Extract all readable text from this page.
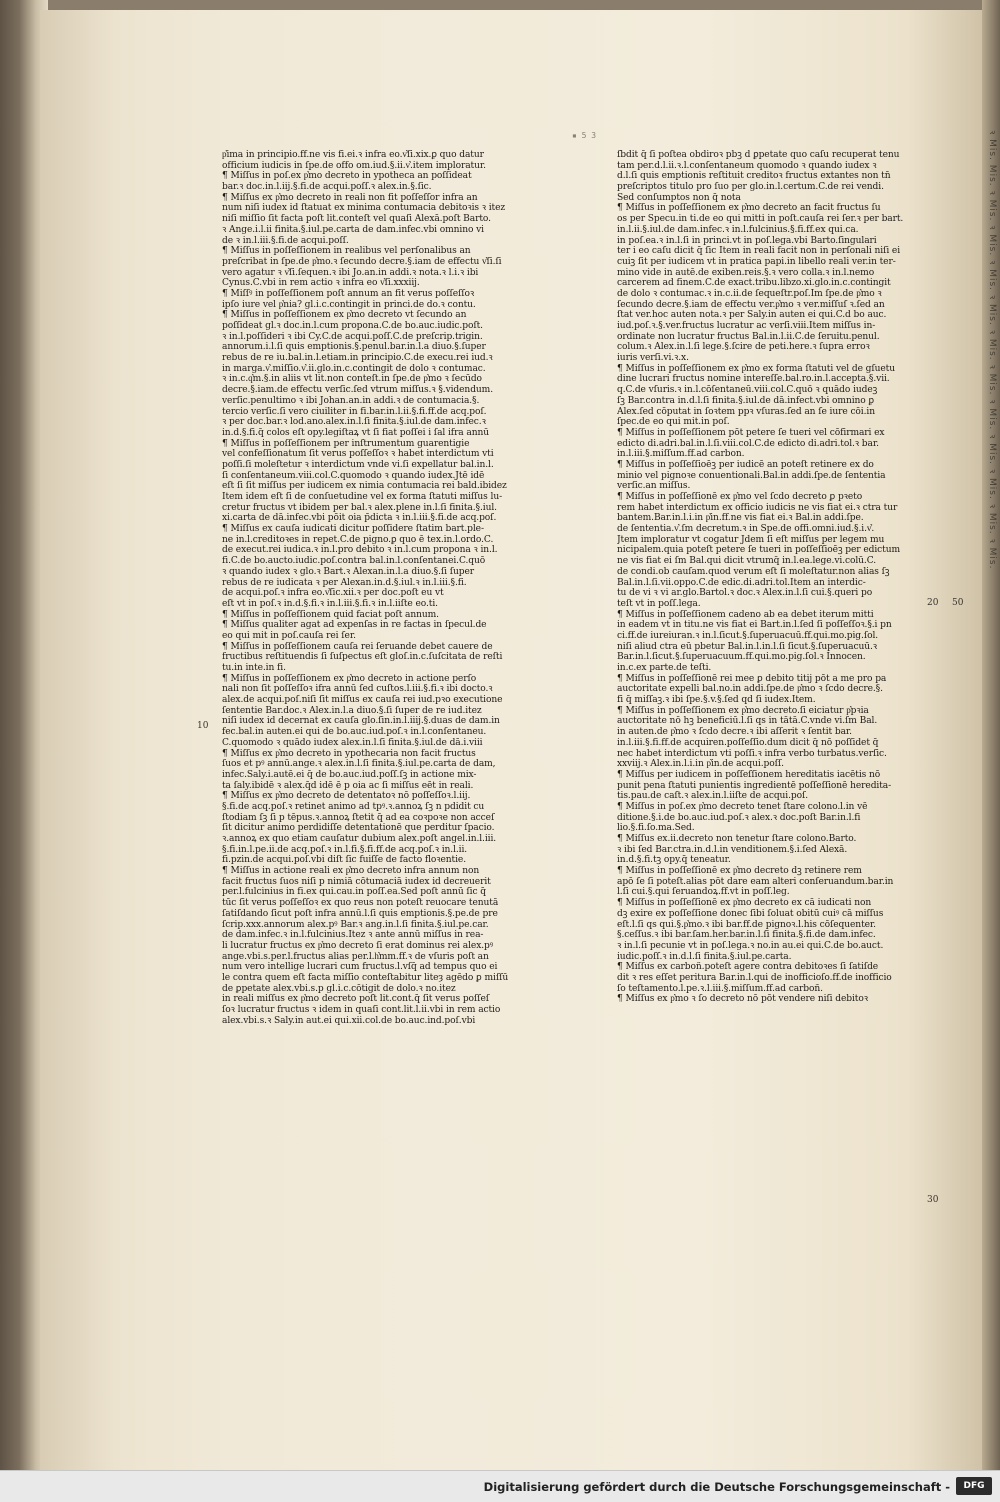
ꝛ Mis. Mis. ꝛ Mis. ꝛ Mis. ꝛ Mis. ꝛ Mis. ꝛ Mis. ꝛ Mis. ꝛ Mis. ꝛ Mis. ꝛ Mis. ꝛ Mis. ꝛ Mis.
▪ 5 3
p͛ima in principio.ff.ne vis fi.ei.ꝛ infra eo.v͛ſi.xix.ꝑ quo datur
officium iudicis in ſpe.de offo om.iud.§.ii.v͛.item imploratur.
¶ Miſſus in poſ.ex p͛mo decreto in ypotheca an poſſideat
bar.ꝛ doc.in.l.iij.§.fi.de acqui.poſſ.ꝛ alex.in.§.ſic.
¶ Miſſus ex p͛mo decreto in reali non fit poſſeſſor infra an
num niſi iudex id ſtatuat ex minima contumacia debitoꝛis ꝛ itez
niſi miſſio ſit facta poſt lit.conteſt vel quaſi Alexā.poſt Barto.
ꝛ Ange.i.l.ii finita.§.iul.pe.carta de dam.infec.vbi omnino vi
de ꝛ in.l.iii.§.fi.de acqui.poſſ.
¶ Miſſus in poſſeſſionem in realibus vel perſonalibus an
preſcribat in ſpe.de p͛mo.ꝛ ſecundo decre.§.iam de effectu v͛ſi.ſi
vero agatur ꝛ v͛ſi.ſequen.ꝛ ibi Jo.an.in addi.ꝛ nota.ꝛ l.i.ꝛ ibi
Cynus.C.vbi in rem actio ꝛ infra eo v͛ſi.xxxiij.
¶ Miſſꝰ in poſſeſſionem poſt annum an fit verus poſſeſſoꝛ
ipſo iure vel p͛nia? gl.i.c.contingit in princi.de do.ꝛ contu.
¶ Miſſus in poſſeſſionem ex p͛mo decreto vt ſecundo an
poſſideat gl.ꝛ doc.in.l.cum propona.C.de bo.auc.iudic.poſt.
ꝛ in.l.poſſideri ꝛ ibi Cy.C.de acqui.poſſ.C.de preſcrip.trigin.
annorum.i.l.ſi quis emptionis.§.penul.bar.in.l.a diuo.§.ſuper
rebus de re iu.bal.in.l.etiam.in principio.C.de execu.rei iud.ꝛ
in marga.v͛.miſſio.v͛.ii.glo.in.c.contingit de dolo ꝛ contumac.
ꝛ in.c.q͛m.§.in aliis vt lit.non conteſt.in ſpe.de p͛mo ꝛ ſecūdo
decre.§.iam.de effectu verſic.ſed vtrum miſſus.ꝛ §.videndum.
verſic.penultimo ꝛ ibi Johan.an.in addi.ꝛ de contumacia.§.
tercio verſic.ſi vero ciuiliter in fi.bar.in.l.ii.§.fi.ff.de acq.poſ.
ꝛ per doc.bar.ꝛ lod.ano.alex.in.l.ſi finita.§.iul.de dam.infec.ꝛ
in.d.§.fi.q̄ colos eſt opy.legiſtaꝝ vt ſi fiat poſſei i ſal ifra annū
¶ Miſſus in poſſeſſionem per inſtrumentum guarentigie
vel confeſſionatum ſit verus poſſeſſoꝛ ꝛ habet interdictum vti
poſſi.ſi moleſtetur ꝛ interdictum vnde vi.ſi expellatur bal.in.l.
ſi conſentaneum.viii.col.C.quomodo ꝛ quando iudex.Jtē idē
eſt ſi ſit miſſus per iudicem ex nimia contumacia rei bald.ibidez
Item idem eſt ſi de conſuetudine vel ex forma ſtatuti miſſus lu-
cretur fructus vt ibidem per bal.ꝛ alex.plene in.l.ſi finita.§.iul.
xi.carta de dā.infec.vbi pōit oia p̄dicta ꝛ in.l.iii.§.fi.de acq.poſ.
¶ Miſſus ex cauſa iudicati dicitur poſſidere ſtatim bart.ple-
ne in.l.creditoꝛes in repet.C.de pigno.ꝑ quo ē tex.in.l.ordo.C.
de execut.rei iudica.ꝛ in.l.pro debito ꝛ in.l.cum propona ꝛ in.l.
fi.C.de bo.aucto.iudic.poſ.contra bal.in.l.conſentanei.C.quō
ꝛ quando iudex ꝛ glo.ꝛ Bart.ꝛ Alexan.in.l.a diuo.§.ſi ſuper
rebus de re iudicata ꝛ per Alexan.in.d.§.iul.ꝛ in.l.iii.§.fi.
de acqui.poſ.ꝛ infra eo.v͛ſic.xii.ꝛ per doc.poſt eu vt
eſt vt in poſ.ꝛ in.d.§.fi.ꝛ in.l.iii.§.fi.ꝛ in.l.iiſte eo.ti.
¶ Miſſus in poſſeſſionem quid faciat poſt annum.
¶ Miſſus qualiter agat ad expenſas in re factas in ſpecul.de
eo qui mit in poſ.cauſa rei ſer.
¶ Miſſus in poſſeſſionem cauſa rei ſeruande debet cauere de
fructibus reſtituendis ſi ſuſpectus eſt gloſ.in.c.ſuſcitata de reſti
tu.in inte.in fi.
¶ Miſſus in poſſeſſionem ex p͛mo decreto in actione perſo
nali non ſit poſſeſſoꝛ ifra annū ſed cuſtos.l.iii.§.fi.ꝛ ibi docto.ꝛ
alex.de acqui.poſ.niſi ſit miſſus ex cauſa rei iud.pꝛo executione
ſententie Bar.doc.ꝛ Alex.in.l.a diuo.§.ſi ſuper de re iud.itez
niſi iudex id decernat ex cauſa glo.ſin.in.l.iiij.§.duas de dam.in
fec.bal.in auten.ei qui de bo.auc.iud.poſ.ꝛ in.l.conſentaneu.
C.quomodo ꝛ quādo iudex alex.in.l.ſi finita.§.iul.de dā.i.viii
¶ Miſſus ex p͛mo decreto in ypothecaria non facit fructus
ſuos et pꝰ annū.ange.ꝛ alex.in.l.ſi finita.§.iul.pe.carta de dam,
infec.Saly.i.autē.ei q̄ de bo.auc.iud.poſſ.ſꝫ in actione mix-
ta ſaly.ibidē ꝛ alex.q̄d idē ē p oia ac ſi miſſus eēt in reali.
¶ Miſſus ex p͛mo decreto de detentatoꝛ nō poſſeſſoꝛ.l.iij.
§.fi.de acq.poſ.ꝛ retinet animo ad tpꝰ.ꝛ.annoꝝ ſꝫ n pdidit cu
ſtodiam ſꝫ ſi p tēpus.ꝛ.annoꝝ ſtetit q̄ ad ea coꝛpoꝛe non acceſ
ſit dicitur animo perdidiſſe detentationē que perditur ſpacio.
ꝛ.annoꝝ ex quo etiam cauſatur dubium alex.poſt angel.in.l.iii.
§.fi.in.l.pe.ii.de acq.poſ.ꝛ in.l.fi.§.fi.ff.de acq.poſ.ꝛ in.l.ii.
fi.pzin.de acqui.poſ.vbi diſt ſic fuiſſe de facto floꝛentie.
¶ Miſſus in actione reali ex p͛mo decreto infra annum non
facit fructus ſuos niſi p nimiā cōtumaciā iudex id decreuerit
per.l.fulcinius in fi.ex qui.cau.in poſſ.ea.Sed poſt annū ſic q̄
tūc ſit verus poſſeſſoꝛ ex quo reus non poteſt reuocare tenutā
ſatiſdando ſicut poſt infra annū.l.ſi quis emptionis.§.pe.de pre
ſcrip.xxx.annorum alex.pꝰ Bar.ꝛ ang.in.l.ſi finita.§.iul.pe.car.
de dam.infec.ꝛ in.l.fulcinius.Itez ꝛ ante annū miſſus in rea-
li lucratur fructus ex p͛mo decreto ſi erat dominus rei alex.pꝰ
ange.vbi.s.per.l.fructus alias per.l.h͛mm.ff.ꝛ de vſuris poſt an
num vero intellige lucrari cum fructus.l.vſq̄ ad tempus quo ei
le contra quem eſt facta miſſio conteſtabitur liteȝ agēdo ꝑ miſſū
de ꝑpetate alex.vbi.s.p gl.i.c.cōtigit de dolo.ꝛ no.itez
in reali miſſus ex p͛mo decreto poſt lit.cont.q̄ ſit verus poſſeſ
ſoꝛ lucratur fructus ꝛ idem in quaſi cont.lit.l.ii.vbi in rem actio
alex.vbi.s.ꝛ Saly.in aut.ei qui.xii.col.de bo.auc.ind.poſ.vbi
ſbdit q̄ ſi poſtea obdiroꝛ pbꝫ d̄ ꝑpetate quo caſu recuperat tenu
tam per.d.l.ii.ꝛ.l.conſentaneum quomodo ꝛ quando iudex ꝛ
d.l.ſi quis emptionis reſtituit creditoꝛ fructus extantes non tn̄
preſcriptos titulo pro ſuo per glo.in.l.certum.C.de rei vendi.
Sed conſumptos non q̄ nota
¶ Miſſus in poſſeſſionem ex p͛mo decreto an facit fructus ſu
os per Specu.in ti.de eo qui mitti in poſt.cauſa rei ſer.ꝛ per bart.
in.l.ii.§.iul.de dam.infec.ꝛ in.l.fulcinius.§.fi.ff.ex qui.ca.
in poſ.ea.ꝛ in.l.ſi in princi.vt in poſ.lega.vbi Barto.ſingulari
ter i eo caſu dicit q̄ ſic Item in reali facit non in perſonali niſi ei
cuiꝫ ſit per iudicem vt in pratica papi.in libello reali ver.in ter-
mino vide in autē.de exiben.reis.§.ꝛ vero colla.ꝛ in.l.nemo
carcerem ad finem.C.de exact.tribu.libzo.xi.glo.in.c.contingit
de dolo ꝛ contumac.ꝛ in.c.ii.de ſequeſtr.poſ.Im ſpe.de p͛mo ꝛ
ſecundo decre.§.iam de effectu ver.p͛mo ꝛ ver.miſſuſ ꝛ.ſed an
ſtat ver.hoc auten nota.ꝛ per Saly.in auten ei qui.C.d bo auc.
iud.poſ.ꝛ.§.ver.fructus lucratur ac verſi.viii.Item miſſus in-
ordinate non lucratur fructus Bal.in.l.ii.C.de ſeruitu.penul.
colum.ꝛ Alex.in.l.ſi lege.§.ſcire de peti.here.ꝛ ſupra erroꝛ
iuris verſi.vi.ꝛ.x.
¶ Miſſus in poſſeſſionem ex p͛mo ex forma ſtatuti vel de gſuetu
dine lucrari fructus nomine intereſſe.bal.ro.in.l.accepta.§.vii.
q.C.de vſuris.ꝛ in.l.cōſentaneū.viii.col.C.quō ꝛ quādo iudeꝫ
ſꝫ Bar.contra in.d.l.ſi finita.§.iul.de dā.infect.vbi omnino ꝑ
Alex.ſed cōputat in ſoꝛtem ppꝛ vſuras.ſed an ſe iure cōi.in
ſpec.de eo qui mit.in poſ.
¶ Miſſus in poſſeſſionem pōt petere ſe tueri vel cōfirmari ex
edicto di.adri.bal.in.l.ſi.viii.col.C.de edicto di.adri.tol.ꝛ bar.
in.l.iii.§.miſſum.ff.ad carbon.
¶ Miſſus in poſſeſſioēꝫ per iudicē an poteſt retinere ex do
minio vel pignoꝛe conuentionali.Bal.in addi.ſpe.de ſententia
verſic.an miſſus.
¶ Miſſus in poſſeſſionē ex p͛mo vel ſcdo decreto ꝑ pꝛeto
rem habet interdictum ex officio iudicis ne vis fiat ei.ꝛ ctra tur
bantem.Bar.in.l.i.in p͛in.ff.ne vis fiat ei.ꝛ Bal.in addi.ſpe.
de ſententia.v͛.ſm decretum.ꝛ in Spe.de offi.omni.iud.§.i.v͛.
Jtem imploratur vt cogatur Jdem ſi eſt miſſus per legem mu
nicipalem.quia poteſt petere ſe tueri in poſſeſſioēꝫ per edictum
ne vis fiat ei ſm Bal.qui dicit vtrumq̄ in.l.ea.lege.vi.colū.C.
de condi.ob cauſam.quod verum eſt ſi moleſtatur.non alias ſꝫ
Bal.in.l.ſi.vii.oppo.C.de edic.di.adri.tol.Item an interdic-
tu de vi ꝛ vi ar.glo.Bartol.ꝛ doc.ꝛ Alex.in.l.ſi cui.§.queri po
teſt vt in poſſ.lega.
¶ Miſſus in poſſeſſionem cadeno ab ea debet iterum mitti
in eadem vt in titu.ne vis fiat ei Bart.in.l.ſed ſi poſſeſſoꝛ.§.i pn
ci.ff.de iureiuran.ꝛ in.l.ſicut.§.ſuperuacuū.ff.qui.mo.pig.ſol.
niſi aliud ctra eū pbetur Bal.in.l.in.l.ſi ſicut.§.ſuperuacuū.ꝛ
Bar.in.l.ſicut.§.ſuperuacuum.ff.qui.mo.pig.ſol.ꝛ Innocen.
in.c.ex parte.de teſti.
¶ Miſſus in poſſeſſionē rei mee ꝑ debito titij pōt a me pro pa
auctoritate expelli bal.no.in addi.ſpe.de p͛mo ꝛ ſcdo decre.§.
fi q̄ miſſaꝫ.ꝛ ibi ſpe.§.v.§.ſed qd ſi iudex.Item.
¶ Miſſus in poſſeſſionem ex p͛mo decreto.ſi eiciatur p͛pꝛia
auctoritate nō hꝫ beneficiū.l.ſi qs in tātā.C.vnde vi.ſm Bal.
in auten.de p͛mo ꝛ ſcdo decre.ꝛ ibi aſſerit ꝛ ſentit bar.
in.l.iii.§.fi.ff.de acquiren.poſſeſſio.dum dicit q̄ nō poſſidet q̄
nec habet interdictum vti poſſi.ꝛ infra verbo turbatus.verſic.
xxviij.ꝛ Alex.in.l.i.in p͛in.de acqui.poſſ.
¶ Miſſus per iudicem in poſſeſſionem hereditatis iacētis nō
punit pena ſtatuti punientis ingredientē poſſeſſionē heredita-
tis.pau.de caſt.ꝛ alex.in.l.iiſte de acqui.poſ.
¶ Miſſus in poſ.ex p͛mo decreto tenet ſtare colono.l.in vē
ditione.§.i.de bo.auc.iud.poſ.ꝛ alex.ꝛ doc.poſt Bar.in.l.fi
lio.§.fi.ſo.ma.Sed.
¶ Miſſus ex.ii.decreto non tenetur ſtare colono.Barto.
ꝛ ibi ſed Bar.ctra.in.d.l.in venditionem.§.i.ſed Alexā.
in.d.§.fi.tꝫ opy.q̄ teneatur.
¶ Miſſus in poſſeſſionē ex p͛mo decreto dꝫ retinere rem
apō ſe ſi poteſt.alias pōt dare eam alteri conſeruandum.bar.in
l.ſi cui.§.qui ſeruandoꝝ.ff.vt in poſſ.leg.
¶ Miſſus in poſſeſſionē ex p͛mo decreto ex cā iudicati non
dꝫ exire ex poſſeſſione donec ſibi ſoluat obitū cuiꝰ cā miſſus
eſt.l.ſi qs qui.§.p͛mo.ꝛ ibi bar.ff.de pignoꝛ.l.his cōſequenter.
§.ceſſus.ꝛ ibi bar.ſam.her.bar.in.l.ſi finita.§.fi.de dam.infec.
ꝛ in.l.ſi pecunie vt in poſ.lega.ꝛ no.in au.ei qui.C.de bo.auct.
iudic.poſſ.ꝛ in.d.l.ſi finita.§.iul.pe.carta.
¶ Miſſus ex carboñ.poteſt agere contra debitoꝛes ſi ſatiſde
dit ꝛ res eſſet peritura Bar.in.l.qui de inofficioſo.ff.de inofficio
ſo teſtamento.l.pe.ꝛ.l.iii.§.miſſum.ff.ad carboñ.
¶ Miſſus ex p͛mo ꝛ ſo decreto nō pōt vendere niſi debitoꝛ
10
20 50
30
Digitalisierung gefördert durch die Deutsche Forschungsgemeinschaft -	DFG
